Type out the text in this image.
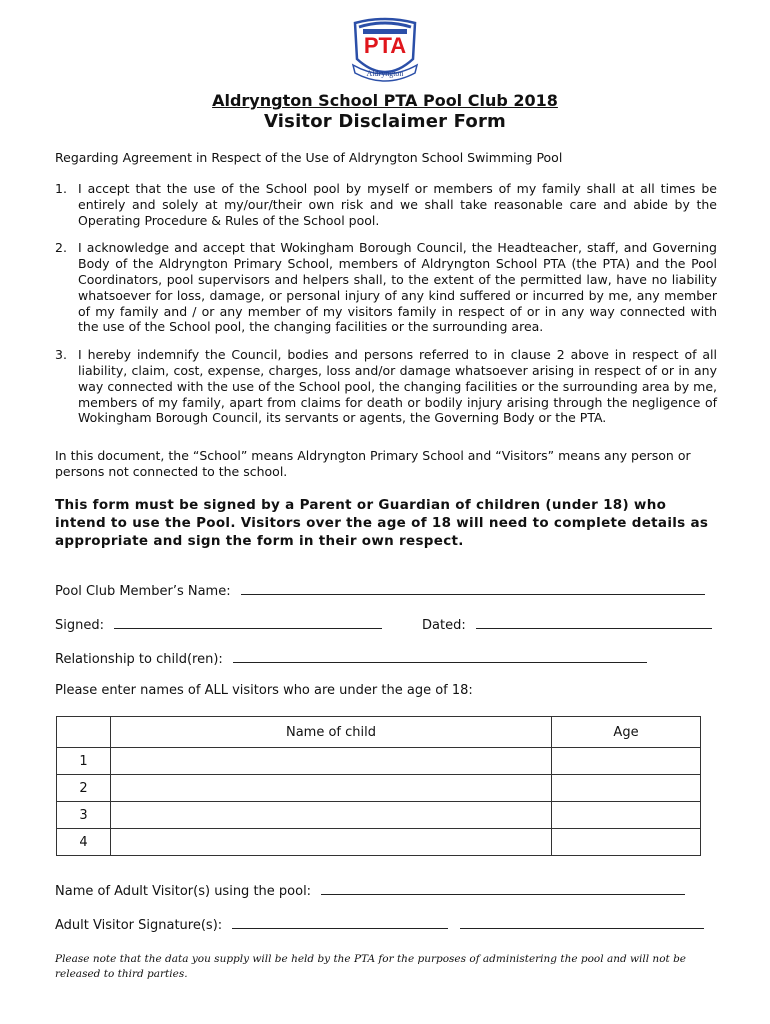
PTA
Aldryngton
Aldryngton School PTA Pool Club 2018
Visitor Disclaimer Form
Regarding Agreement in Respect of the Use of Aldryngton School Swimming Pool
1. I accept that the use of the School pool by myself or members of my family shall at all times be entirely and solely at my/our/their own risk and we shall take reasonable care and abide by the Operating Procedure & Rules of the School pool.
2. I acknowledge and accept that Wokingham Borough Council, the Headteacher, staff, and Governing Body of the Aldryngton Primary School, members of Aldryngton School PTA (the PTA) and the Pool Coordinators, pool supervisors and helpers shall, to the extent of the permitted law, have no liability whatsoever for loss, damage, or personal injury of any kind suffered or incurred by me, any member of my family and / or any member of my visitors family in respect of or in any way connected with the use of the School pool, the changing facilities or the surrounding area.
3. I hereby indemnify the Council, bodies and persons referred to in clause 2 above in respect of all liability, claim, cost, expense, charges, loss and/or damage whatsoever arising in respect of or in any way connected with the use of the School pool, the changing facilities or the surrounding area by me, members of my family, apart from claims for death or bodily injury arising through the negligence of Wokingham Borough Council, its servants or agents, the Governing Body or the PTA.
In this document, the “School” means Aldryngton Primary School and “Visitors” means any person or persons not connected to the school.
This form must be signed by a Parent or Guardian of children (under 18) who intend to use the Pool. Visitors over the age of 18 will need to complete details as appropriate and sign the form in their own respect.
Pool Club Member’s Name:
Signed:	Dated:
Relationship to child(ren):
Please enter names of ALL visitors who are under the age of 18:
	Name of child	Age
1		
2		
3		
4		
Name of Adult Visitor(s) using the pool:
Adult Visitor Signature(s):
Please note that the data you supply will be held by the PTA for the purposes of administering the pool and will not be released to third parties.
